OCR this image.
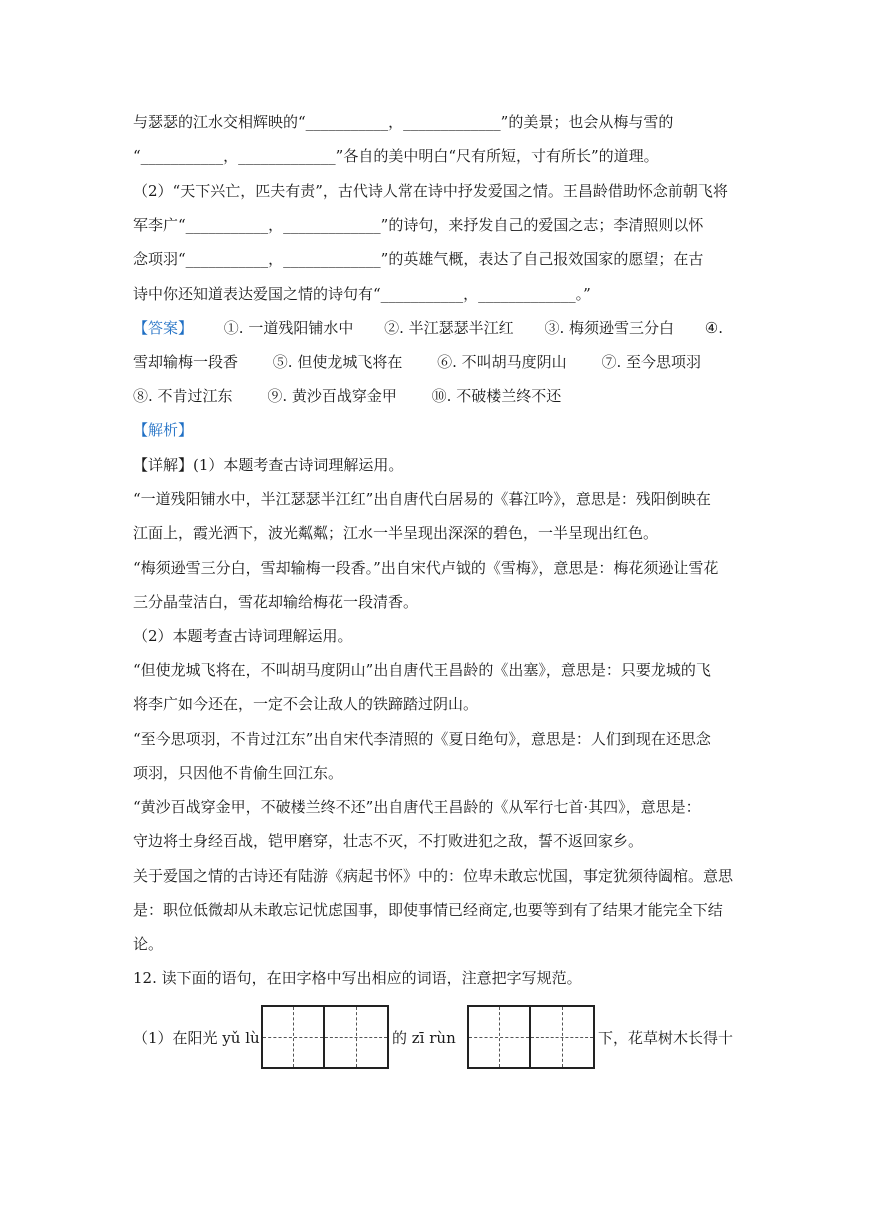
与瑟瑟的江水交相辉映的“___________，_____________”的美景；也会从梅与雪的
“___________，_____________”各自的美中明白“尺有所短，寸有所长”的道理。
（2）“天下兴亡，匹夫有责”，古代诗人常在诗中抒发爱国之情。王昌龄借助怀念前朝飞将
军李广“___________，_____________”的诗句，来抒发自己的爱国之志；李清照则以怀
念项羽“___________，_____________”的英雄气概，表达了自己报效国家的愿望；在古
诗中你还知道表达爱国之情的诗句有“___________，_____________。”
【答案】 ①. 一道残阳铺水中 ②. 半江瑟瑟半江红 ③. 梅须逊雪三分白 ④.
雪却输梅一段香 ⑤. 但使龙城飞将在 ⑥. 不叫胡马度阴山 ⑦. 至今思项羽
⑧. 不肯过江东 ⑨. 黄沙百战穿金甲 ⑩. 不破楼兰终不还
【解析】
【详解】(1）本题考查古诗词理解运用。
“一道残阳铺水中，半江瑟瑟半江红”出自唐代白居易的《暮江吟》，意思是：残阳倒映在
江面上，霞光洒下，波光粼粼；江水一半呈现出深深的碧色，一半呈现出红色。
“梅须逊雪三分白，雪却输梅一段香。”出自宋代卢钺的《雪梅》，意思是：梅花须逊让雪花
三分晶莹洁白，雪花却输给梅花一段清香。
（2）本题考查古诗词理解运用。
“但使龙城飞将在，不叫胡马度阴山”出自唐代王昌龄的《出塞》，意思是：只要龙城的飞
将李广如今还在，一定不会让敌人的铁蹄踏过阴山。
“至今思项羽，不肯过江东”出自宋代李清照的《夏日绝句》，意思是：人们到现在还思念
项羽，只因他不肯偷生回江东。
“黄沙百战穿金甲，不破楼兰终不还”出自唐代王昌龄的《从军行七首·其四》，意思是：
守边将士身经百战，铠甲磨穿，壮志不灭，不打败进犯之敌，誓不返回家乡。
关于爱国之情的古诗还有陆游《病起书怀》中的：位卑未敢忘忧国，事定犹须待阖棺。意思
是：职位低微却从未敢忘记忧虑国事，即使事情已经商定,也要等到有了结果才能完全下结
论。
12. 读下面的语句，在田字格中写出相应的词语，注意把字写规范。
（1）在阳光 yǔ lù	的 zī rùn	下，花草树木长得十
